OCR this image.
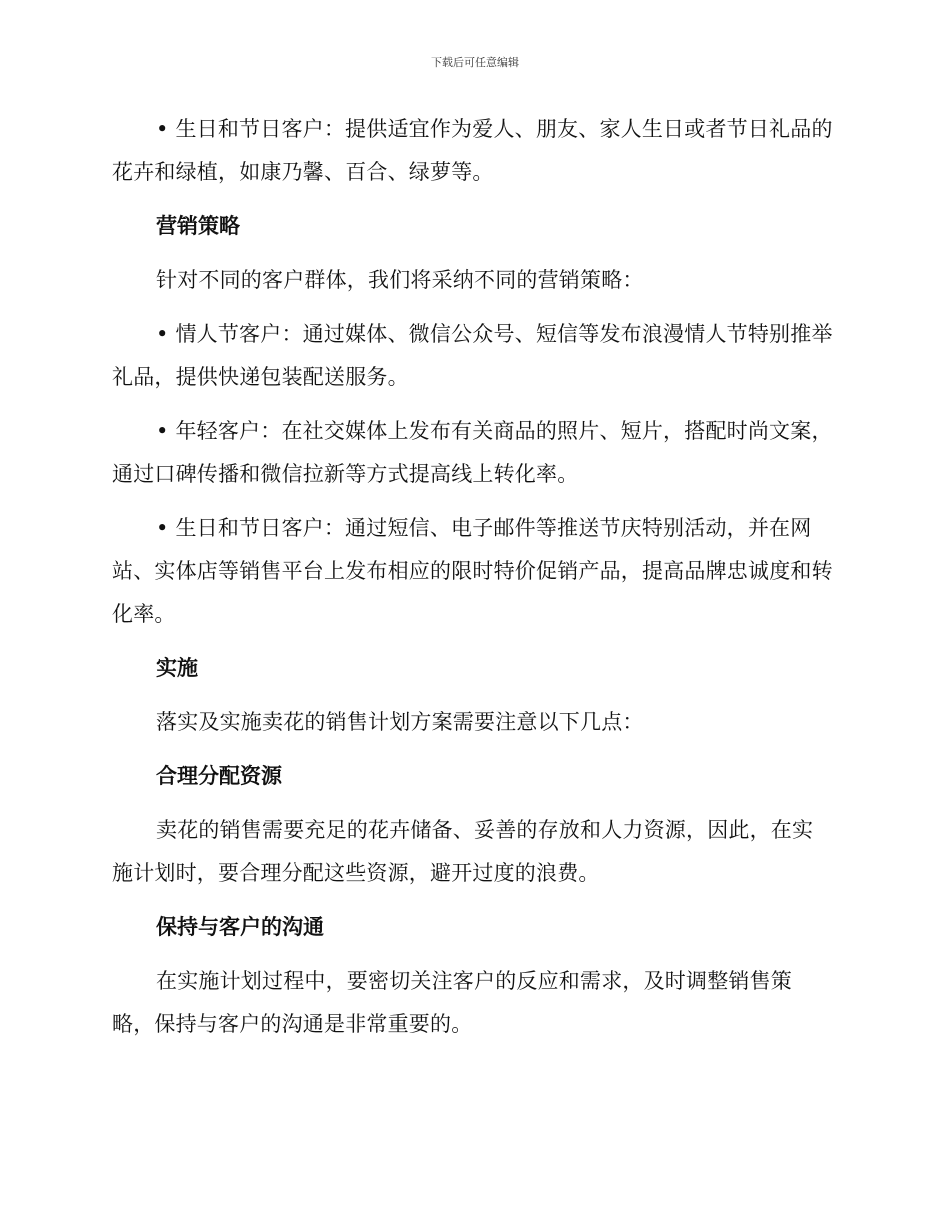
下载后可任意编辑

• 生日和节日客户：提供适宜作为爱人、朋友、家人生日或者节日礼品的花卉和绿植，如康乃馨、百合、绿萝等。

营销策略

针对不同的客户群体，我们将采纳不同的营销策略：

• 情人节客户：通过媒体、微信公众号、短信等发布浪漫情人节特别推举礼品，提供快递包装配送服务。

• 年轻客户：在社交媒体上发布有关商品的照片、短片，搭配时尚文案，通过口碑传播和微信拉新等方式提高线上转化率。

• 生日和节日客户：通过短信、电子邮件等推送节庆特别活动，并在网站、实体店等销售平台上发布相应的限时特价促销产品，提高品牌忠诚度和转化率。

实施

落实及实施卖花的销售计划方案需要注意以下几点：

合理分配资源

卖花的销售需要充足的花卉储备、妥善的存放和人力资源，因此，在实施计划时，要合理分配这些资源，避开过度的浪费。

保持与客户的沟通

在实施计划过程中，要密切关注客户的反应和需求，及时调整销售策略，保持与客户的沟通是非常重要的。
